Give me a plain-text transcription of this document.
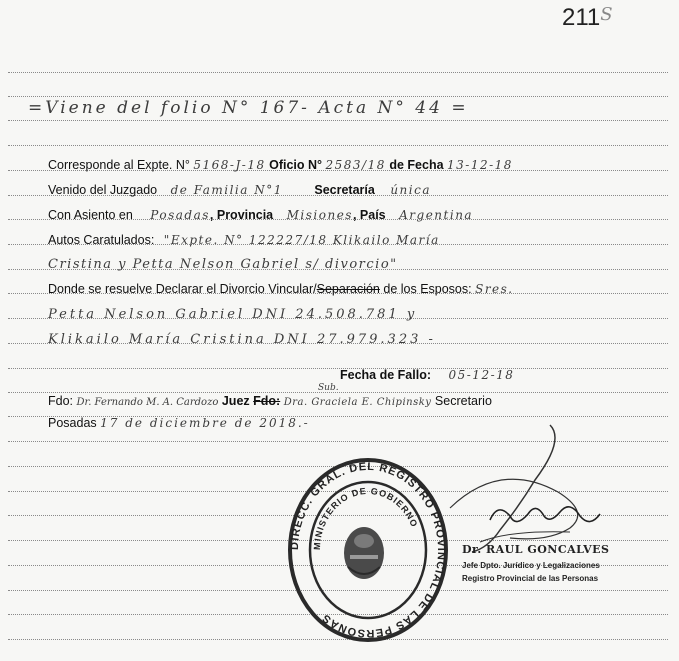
$211^S$
=Viene del folio N° 167- Acta N° 44 =
Corresponde al Expte. N° 5168-J-18 Oficio N° 2583/18 de Fecha 13-12-18
Venido del Juzgado de Familia N°1	Secretaría única
Con Asiento en Posadas, Provincia Misiones, País Argentina
Autos Caratulados: "Expte. N° 122227/18 Klikailo María
Cristina y Petta Nelson Gabriel s/ divorcio"
Donde se resuelve Declarar el Divorcio Vincular/Separación de los Esposos: Sres.
Petta Nelson Gabriel DNI 24.508.781 y
Klikailo María Cristina DNI 27.979.323 -
Fecha de Fallo: 05-12-18
Sub.
Fdo: Dr. Fernando M. A. Cardozo Juez Fdo: Dra. Graciela E. Chipinsky Secretario
Posadas 17 de diciembre de 2018.-
DIRECC. GRAL. DEL REGISTRO PROVINCIAL DE LAS PERSONAS
MINISTERIO DE GOBIERNO
Dr. RAUL GONCALVES
Jefe Dpto. Jurídico y Legalizaciones
Registro Provincial de las Personas
